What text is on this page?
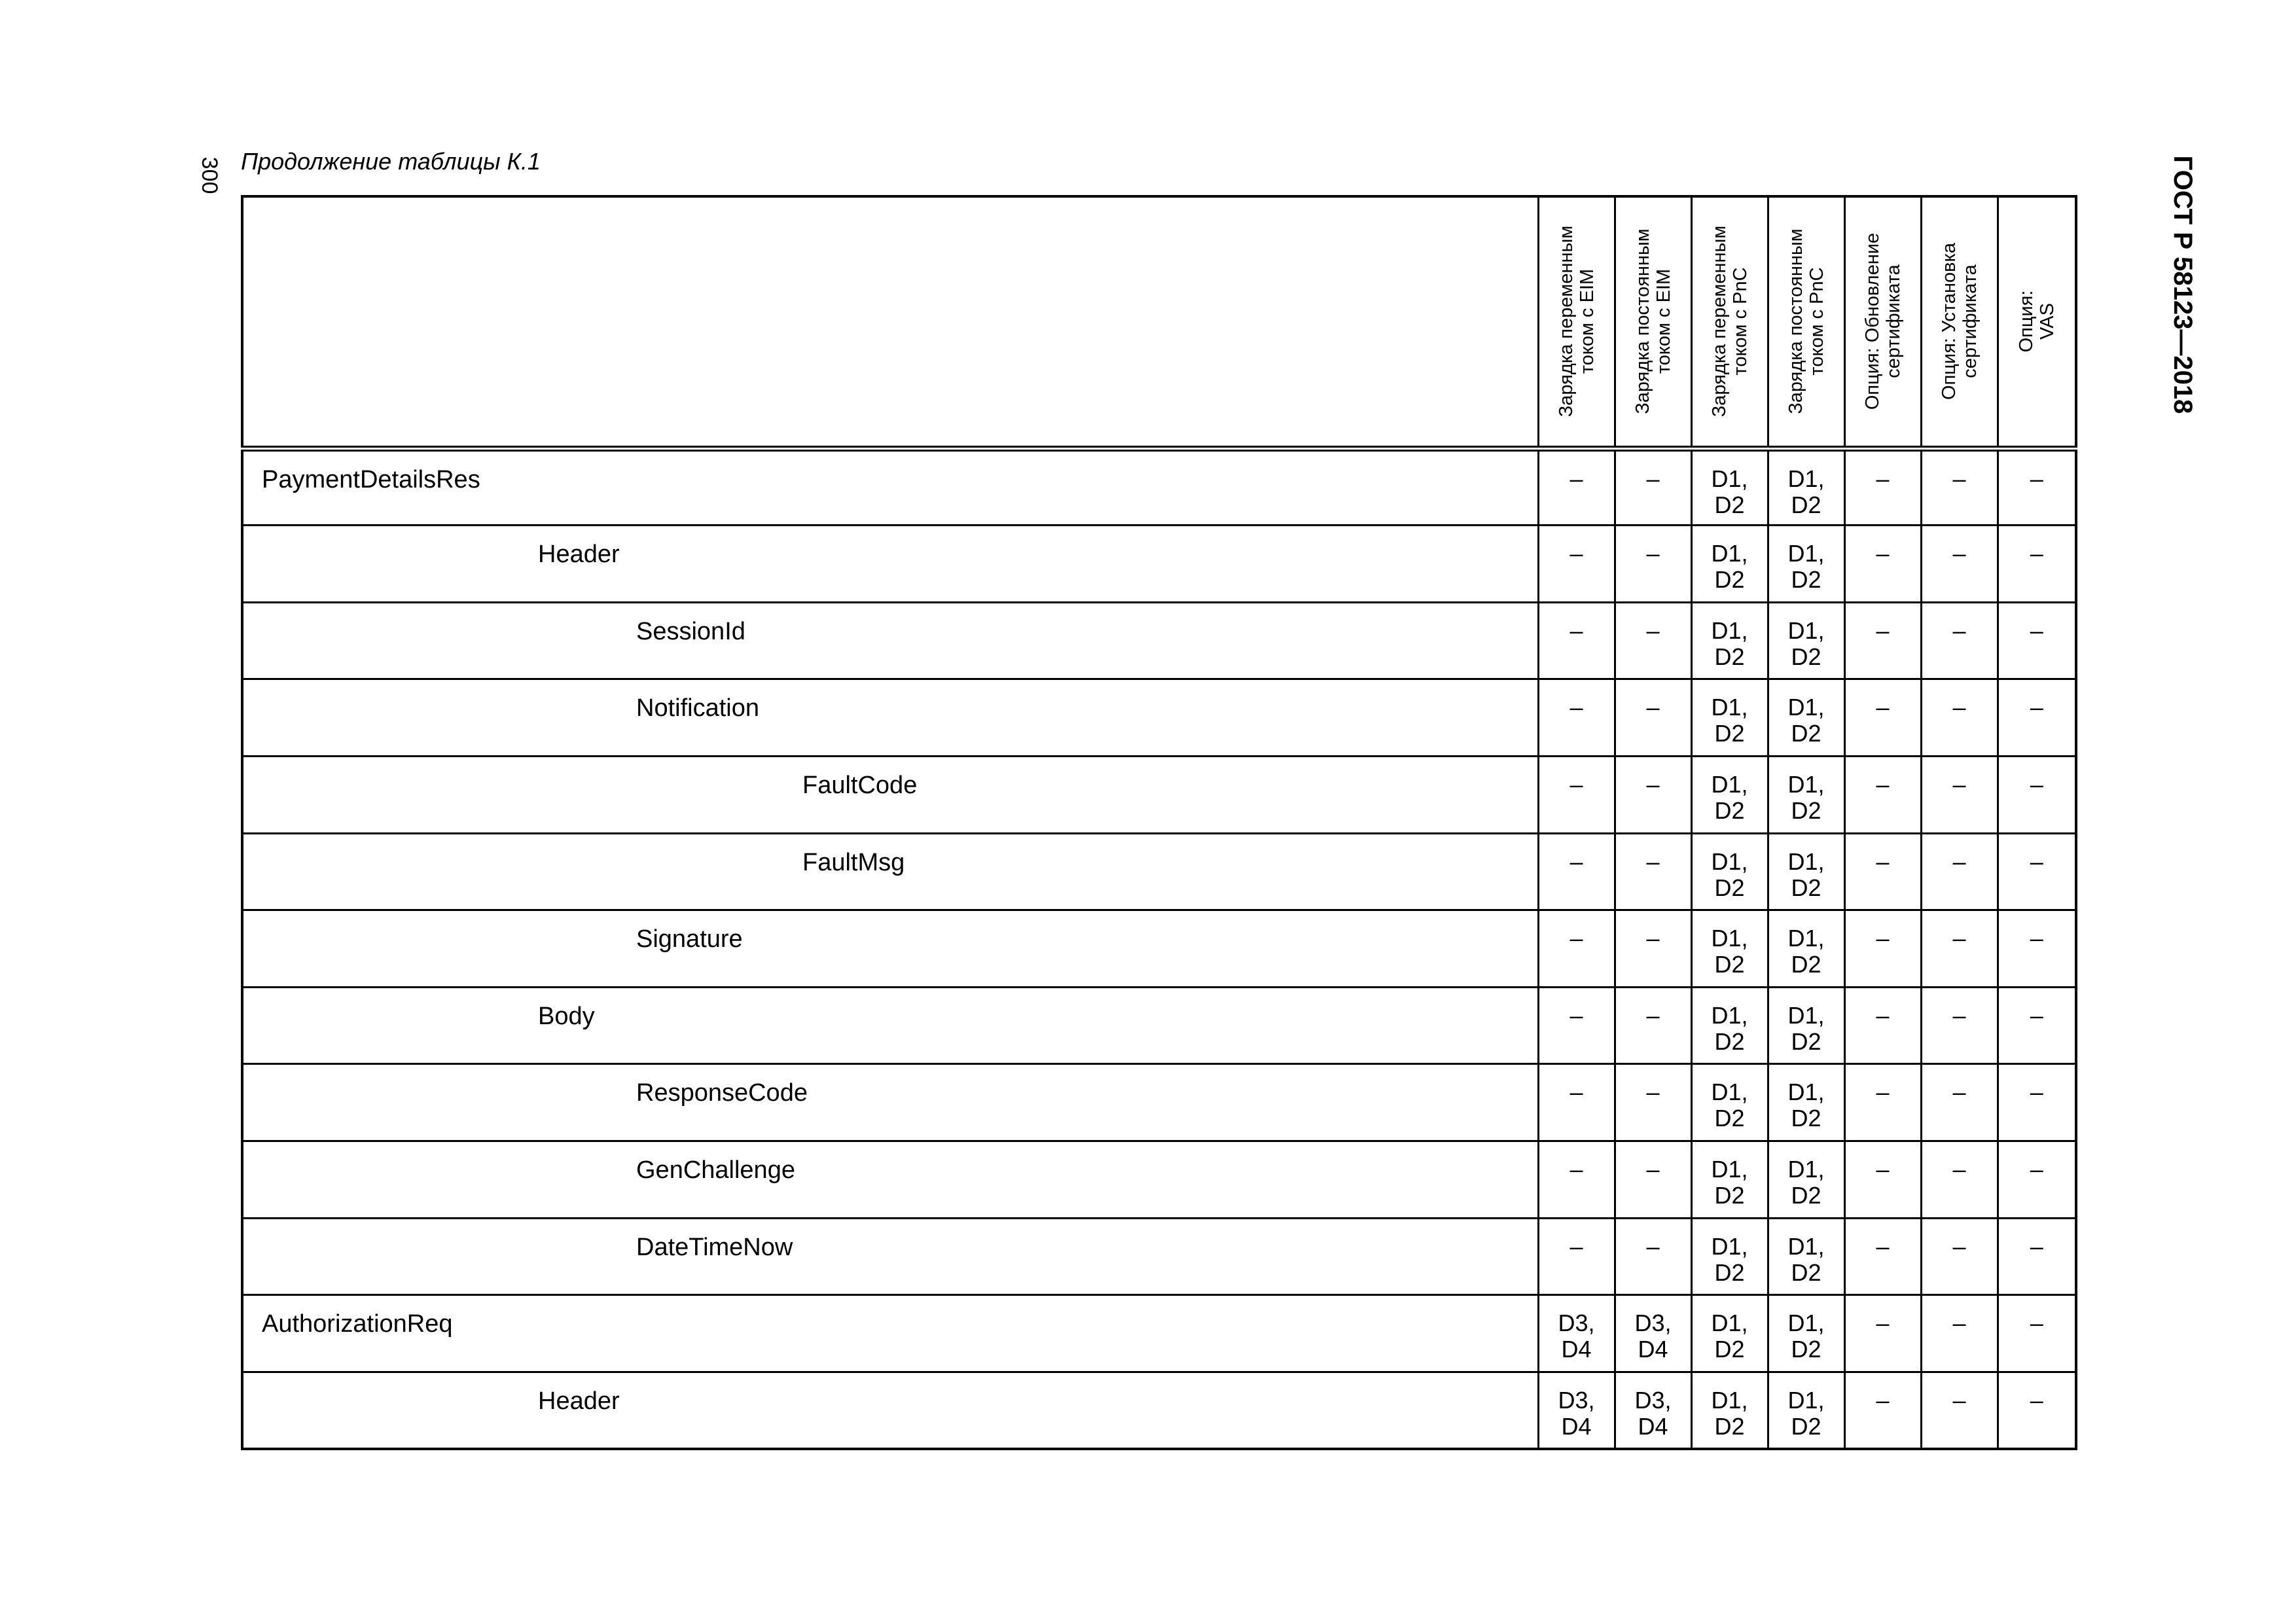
300 Продолжение таблицы К.1	ГОСТ Р 58123—2018

	Зарядка переменным
током с EIM	Зарядка постоянным
током с EIM	Зарядка переменным
током с PnC	Зарядка постоянным
током с PnC	Опция: Обновление
сертификата	Опция: Установка
сертификата	Опция:
VAS

PaymentDetailsRes	–	–	D1,
D2	D1,
D2	–	–	–

Header	–	–	D1,
D2	D1,
D2	–	–	–

SessionId	–	–	D1,
D2	D1,
D2	–	–	–

Notification	–	–	D1,
D2	D1,
D2	–	–	–

FaultCode	–	–	D1,
D2	D1,
D2	–	–	–

FaultMsg	–	–	D1,
D2	D1,
D2	–	–	–

Signature	–	–	D1,
D2	D1,
D2	–	–	–

Body	–	–	D1,
D2	D1,
D2	–	–	–

ResponseCode	–	–	D1,
D2	D1,
D2	–	–	–

GenChallenge	–	–	D1,
D2	D1,
D2	–	–	–

DateTimeNow	–	–	D1,
D2	D1,
D2	–	–	–

AuthorizationReq	D3,
D4	D3,
D4	D1,
D2	D1,
D2	–	–	–

Header	D3,
D4	D3,
D4	D1,
D2	D1,
D2	–	–	–
